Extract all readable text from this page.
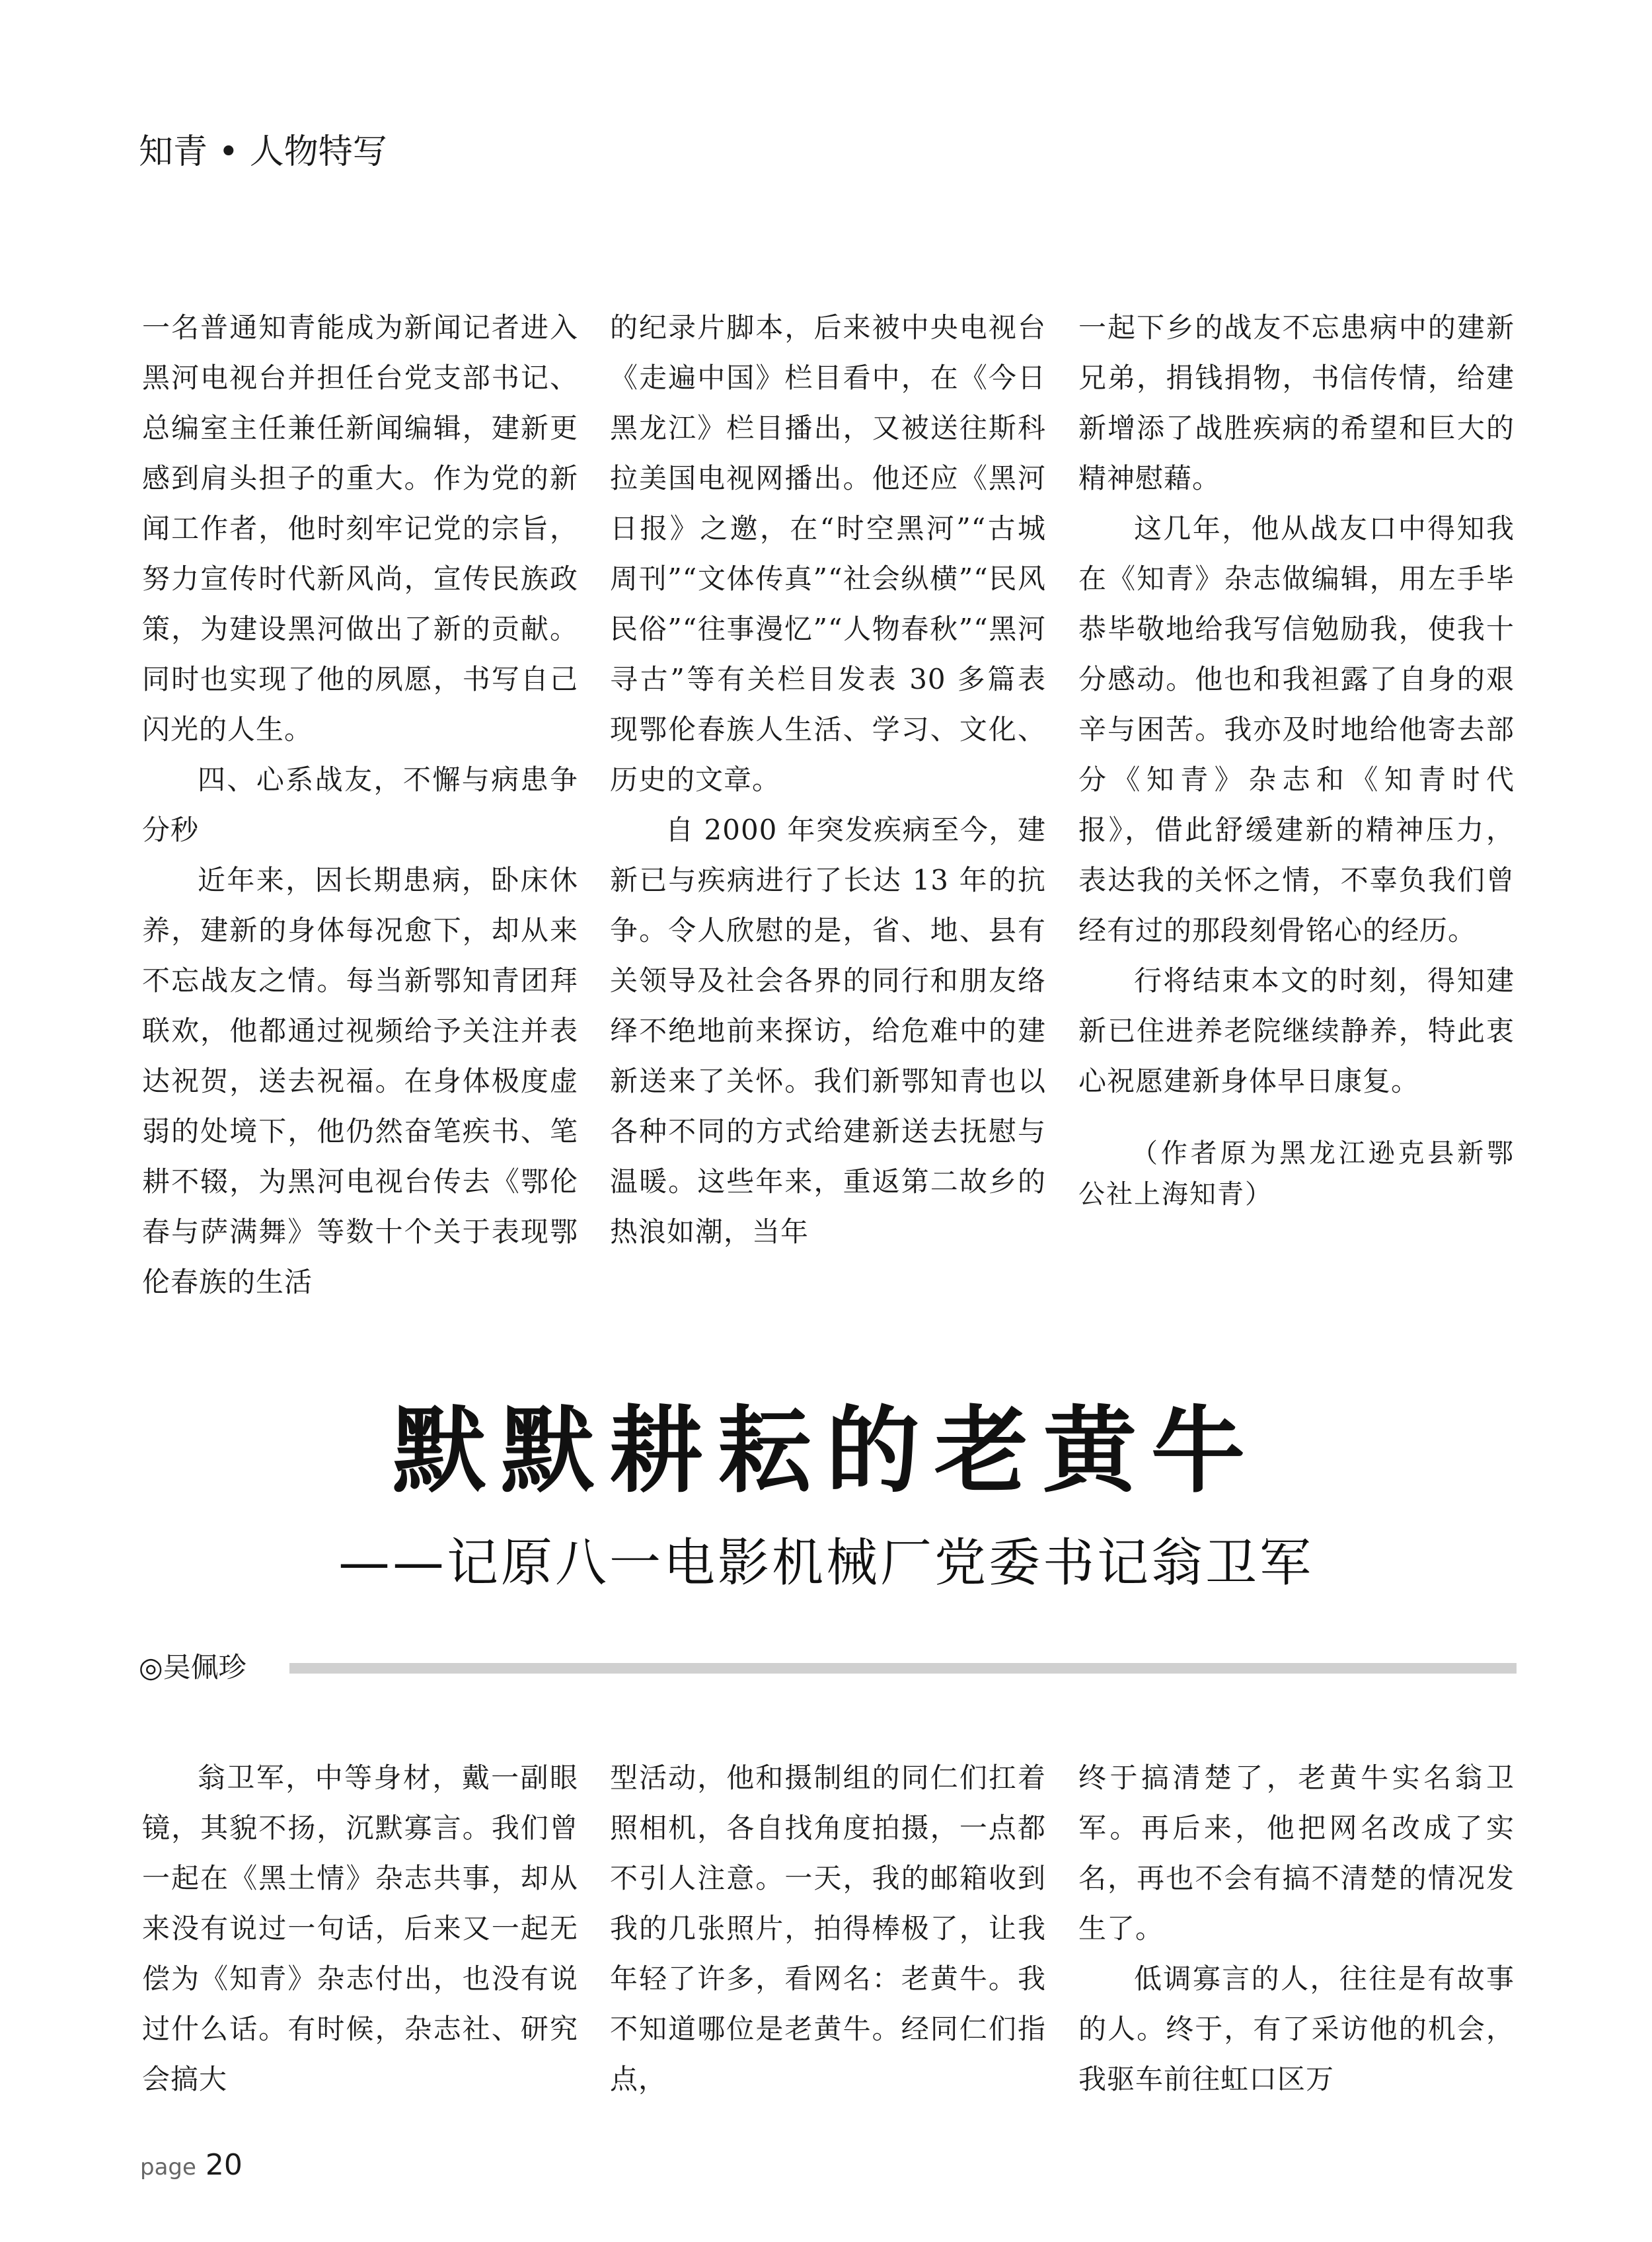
知青 • 人物特写

一名普通知青能成为新闻记者进入黑河电视台并担任台党支部书记、总编室主任兼任新闻编辑，建新更感到肩头担子的重大。作为党的新闻工作者，他时刻牢记党的宗旨，努力宣传时代新风尚，宣传民族政策，为建设黑河做出了新的贡献。同时也实现了他的夙愿，书写自己闪光的人生。

四、心系战友，不懈与病患争分秒

近年来，因长期患病，卧床休养，建新的身体每况愈下，却从来不忘战友之情。每当新鄂知青团拜联欢，他都通过视频给予关注并表达祝贺，送去祝福。在身体极度虚弱的处境下，他仍然奋笔疾书、笔耕不辍，为黑河电视台传去《鄂伦春与萨满舞》等数十个关于表现鄂伦春族的生活

的纪录片脚本，后来被中央电视台《走遍中国》栏目看中，在《今日黑龙江》栏目播出，又被送往斯科拉美国电视网播出。他还应《黑河日报》之邀，在“时空黑河”“古城周刊”“文体传真”“社会纵横”“民风民俗”“往事漫忆”“人物春秋”“黑河寻古”等有关栏目发表 30 多篇表现鄂伦春族人生活、学习、文化、历史的文章。

自 2000 年突发疾病至今，建新已与疾病进行了长达 13 年的抗争。令人欣慰的是，省、地、县有关领导及社会各界的同行和朋友络绎不绝地前来探访，给危难中的建新送来了关怀。我们新鄂知青也以各种不同的方式给建新送去抚慰与温暖。这些年来，重返第二故乡的热浪如潮，当年

一起下乡的战友不忘患病中的建新兄弟，捐钱捐物，书信传情，给建新增添了战胜疾病的希望和巨大的精神慰藉。

这几年，他从战友口中得知我在《知青》杂志做编辑，用左手毕恭毕敬地给我写信勉励我，使我十分感动。他也和我袒露了自身的艰辛与困苦。我亦及时地给他寄去部分《知青》杂志和《知青时代报》，借此舒缓建新的精神压力，表达我的关怀之情，不辜负我们曾经有过的那段刻骨铭心的经历。

行将结束本文的时刻，得知建新已住进养老院继续静养，特此衷心祝愿建新身体早日康复。

（作者原为黑龙江逊克县新鄂公社上海知青）

默默耕耘的老黄牛
——记原八一电影机械厂党委书记翁卫军
◎吴佩珍

翁卫军，中等身材，戴一副眼镜，其貌不扬，沉默寡言。我们曾一起在《黑土情》杂志共事，却从来没有说过一句话，后来又一起无偿为《知青》杂志付出，也没有说过什么话。有时候，杂志社、研究会搞大

型活动，他和摄制组的同仁们扛着照相机，各自找角度拍摄，一点都不引人注意。一天，我的邮箱收到我的几张照片，拍得棒极了，让我年轻了许多，看网名：老黄牛。我不知道哪位是老黄牛。经同仁们指点，

终于搞清楚了，老黄牛实名翁卫军。再后来，他把网名改成了实名，再也不会有搞不清楚的情况发生了。

低调寡言的人，往往是有故事的人。终于，有了采访他的机会，我驱车前往虹口区万

page 20
